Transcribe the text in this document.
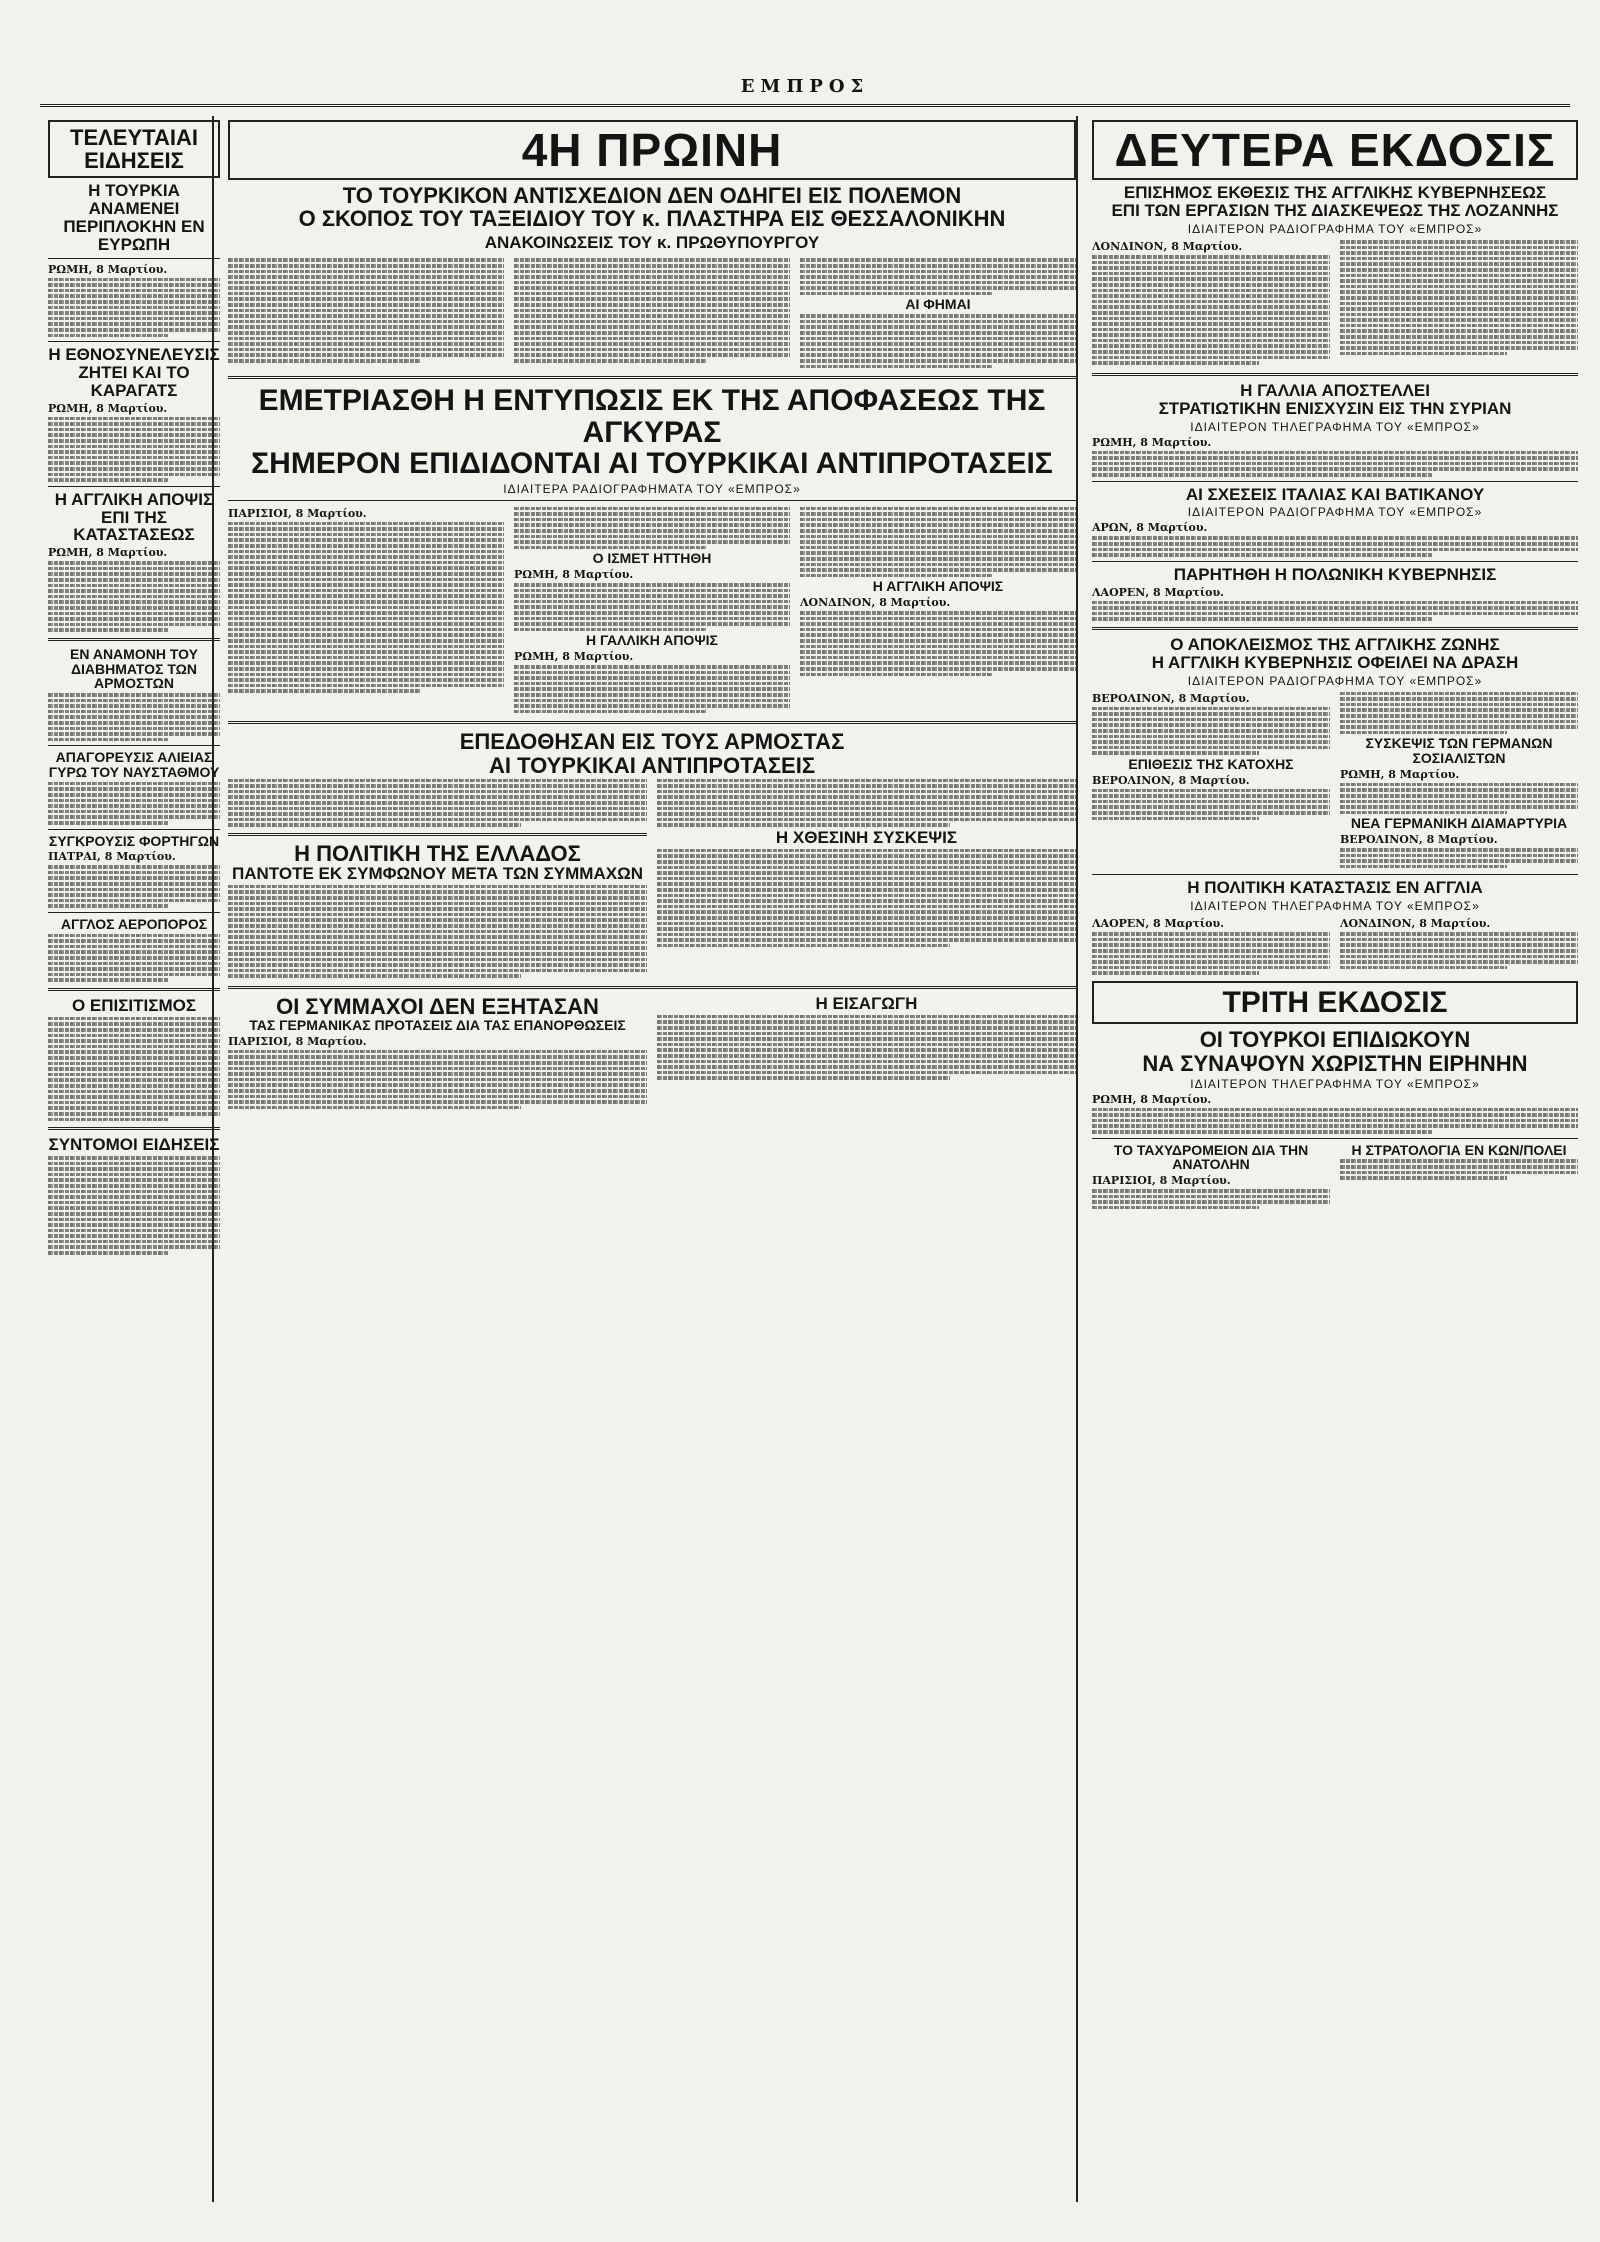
ΕΜΠΡΟΣ
ΤΕΛΕΥΤΑΙΑΙ ΕΙΔΗΣΕΙΣ
Η ΤΟΥΡΚΙΑ ΑΝΑΜΕΝΕΙ ΠΕΡΙΠΛΟΚΗΝ ΕΝ ΕΥΡΩΠΗ
ΡΩΜΗ, 8 Μαρτίου.
Η ΕΘΝΟΣΥΝΕΛΕΥΣΙΣ ΖΗΤΕΙ ΚΑΙ ΤΟ ΚΑΡΑΓΑΤΣ
ΡΩΜΗ, 8 Μαρτίου.
Η ΑΓΓΛΙΚΗ ΑΠΟΨΙΣ ΕΠΙ ΤΗΣ ΚΑΤΑΣΤΑΣΕΩΣ
ΡΩΜΗ, 8 Μαρτίου.
ΕΝ ΑΝΑΜΟΝΗ ΤΟΥ ΔΙΑΒΗΜΑΤΟΣ ΤΩΝ ΑΡΜΟΣΤΩΝ
ΑΠΑΓΟΡΕΥΣΙΣ ΑΛΙΕΙΑΣ ΓΥΡΩ ΤΟΥ ΝΑΥΣΤΑΘΜΟΥ
ΣΥΓΚΡΟΥΣΙΣ ΦΟΡΤΗΓΩΝ
ΠΑΤΡΑΙ, 8 Μαρτίου.
ΑΓΓΛΟΣ ΑΕΡΟΠΟΡΟΣ
Ο ΕΠΙΣΙΤΙΣΜΟΣ
ΣΥΝΤΟΜΟΙ ΕΙΔΗΣΕΙΣ
4Η ΠΡΩΙΝΗ
ΤΟ ΤΟΥΡΚΙΚΟΝ ΑΝΤΙΣΧΕΔΙΟΝ ΔΕΝ ΟΔΗΓΕΙ ΕΙΣ ΠΟΛΕΜΟΝ
Ο ΣΚΟΠΟΣ ΤΟΥ ΤΑΞΕΙΔΙΟΥ ΤΟΥ κ. ΠΛΑΣΤΗΡΑ ΕΙΣ ΘΕΣΣΑΛΟΝΙΚΗΝ
ΑΝΑΚΟΙΝΩΣΕΙΣ ΤΟΥ κ. ΠΡΩΘΥΠΟΥΡΓΟΥ
ΑΙ ΦΗΜΑΙ
ΕΜΕΤΡΙΑΣΘΗ Η ΕΝΤΥΠΩΣΙΣ ΕΚ ΤΗΣ ΑΠΟΦΑΣΕΩΣ ΤΗΣ ΑΓΚΥΡΑΣ
ΣΗΜΕΡΟΝ ΕΠΙΔΙΔΟΝΤΑΙ ΑΙ ΤΟΥΡΚΙΚΑΙ ΑΝΤΙΠΡΟΤΑΣΕΙΣ
ΙΔΙΑΙΤΕΡΑ ΡΑΔΙΟΓΡΑΦΗΜΑΤΑ ΤΟΥ «ΕΜΠΡΟΣ»
ΠΑΡΙΣΙΟΙ, 8 Μαρτίου.
Ο ΙΣΜΕΤ ΗΤΤΗΘΗ
ΡΩΜΗ, 8 Μαρτίου.
Η ΓΑΛΛΙΚΗ ΑΠΟΨΙΣ
ΡΩΜΗ, 8 Μαρτίου.
Η ΑΓΓΛΙΚΗ ΑΠΟΨΙΣ
ΛΟΝΔΙΝΟΝ, 8 Μαρτίου.
ΕΠΕΔΟΘΗΣΑΝ ΕΙΣ ΤΟΥΣ ΑΡΜΟΣΤΑΣ
ΑΙ ΤΟΥΡΚΙΚΑΙ ΑΝΤΙΠΡΟΤΑΣΕΙΣ
Η ΠΟΛΙΤΙΚΗ ΤΗΣ ΕΛΛΑΔΟΣ
ΠΑΝΤΟΤΕ ΕΚ ΣΥΜΦΩΝΟΥ ΜΕΤΑ ΤΩΝ ΣΥΜΜΑΧΩΝ
Η ΧΘΕΣΙΝΗ ΣΥΣΚΕΨΙΣ
ΟΙ ΣΥΜΜΑΧΟΙ ΔΕΝ ΕΞΗΤΑΣΑΝ
ΤΑΣ ΓΕΡΜΑΝΙΚΑΣ ΠΡΟΤΑΣΕΙΣ ΔΙΑ ΤΑΣ ΕΠΑΝΟΡΘΩΣΕΙΣ
ΠΑΡΙΣΙΟΙ, 8 Μαρτίου.
Η ΕΙΣΑΓΩΓΗ
ΔΕΥΤΕΡΑ ΕΚΔΟΣΙΣ
ΕΠΙΣΗΜΟΣ ΕΚΘΕΣΙΣ ΤΗΣ ΑΓΓΛΙΚΗΣ ΚΥΒΕΡΝΗΣΕΩΣ
ΕΠΙ ΤΩΝ ΕΡΓΑΣΙΩΝ ΤΗΣ ΔΙΑΣΚΕΨΕΩΣ ΤΗΣ ΛΟΖΑΝΝΗΣ
ΙΔΙΑΙΤΕΡΟΝ ΡΑΔΙΟΓΡΑΦΗΜΑ ΤΟΥ «ΕΜΠΡΟΣ»
ΛΟΝΔΙΝΟΝ, 8 Μαρτίου.
Η ΓΑΛΛΙΑ ΑΠΟΣΤΕΛΛΕΙ
ΣΤΡΑΤΙΩΤΙΚΗΝ ΕΝΙΣΧΥΣΙΝ ΕΙΣ ΤΗΝ ΣΥΡΙΑΝ
ΙΔΙΑΙΤΕΡΟΝ ΤΗΛΕΓΡΑΦΗΜΑ ΤΟΥ «ΕΜΠΡΟΣ»
ΡΩΜΗ, 8 Μαρτίου.
ΑΙ ΣΧΕΣΕΙΣ ΙΤΑΛΙΑΣ ΚΑΙ ΒΑΤΙΚΑΝΟΥ
ΙΔΙΑΙΤΕΡΟΝ ΡΑΔΙΟΓΡΑΦΗΜΑ ΤΟΥ «ΕΜΠΡΟΣ»
ΑΡΩΝ, 8 Μαρτίου.
ΠΑΡΗΤΗΘΗ Η ΠΟΛΩΝΙΚΗ ΚΥΒΕΡΝΗΣΙΣ
ΛΑΟΡΕΝ, 8 Μαρτίου.
Ο ΑΠΟΚΛΕΙΣΜΟΣ ΤΗΣ ΑΓΓΛΙΚΗΣ ΖΩΝΗΣ
Η ΑΓΓΛΙΚΗ ΚΥΒΕΡΝΗΣΙΣ ΟΦΕΙΛΕΙ ΝΑ ΔΡΑΣΗ
ΙΔΙΑΙΤΕΡΟΝ ΡΑΔΙΟΓΡΑΦΗΜΑ ΤΟΥ «ΕΜΠΡΟΣ»
ΒΕΡΟΛΙΝΟΝ, 8 Μαρτίου.
ΕΠΙΘΕΣΙΣ ΤΗΣ ΚΑΤΟΧΗΣ
ΒΕΡΟΛΙΝΟΝ, 8 Μαρτίου.
ΣΥΣΚΕΨΙΣ ΤΩΝ ΓΕΡΜΑΝΩΝ ΣΟΣΙΑΛΙΣΤΩΝ
ΡΩΜΗ, 8 Μαρτίου.
ΝΕΑ ΓΕΡΜΑΝΙΚΗ ΔΙΑΜΑΡΤΥΡΙΑ
ΒΕΡΟΛΙΝΟΝ, 8 Μαρτίου.
Η ΠΟΛΙΤΙΚΗ ΚΑΤΑΣΤΑΣΙΣ ΕΝ ΑΓΓΛΙΑ
ΙΔΙΑΙΤΕΡΟΝ ΤΗΛΕΓΡΑΦΗΜΑ ΤΟΥ «ΕΜΠΡΟΣ»
ΛΑΟΡΕΝ, 8 Μαρτίου.	ΛΟΝΔΙΝΟΝ, 8 Μαρτίου.
ΤΡΙΤΗ ΕΚΔΟΣΙΣ
ΟΙ ΤΟΥΡΚΟΙ ΕΠΙΔΙΩΚΟΥΝ
ΝΑ ΣΥΝΑΨΟΥΝ ΧΩΡΙΣΤΗΝ ΕΙΡΗΝΗΝ
ΙΔΙΑΙΤΕΡΟΝ ΤΗΛΕΓΡΑΦΗΜΑ ΤΟΥ «ΕΜΠΡΟΣ»
ΡΩΜΗ, 8 Μαρτίου.
ΤΟ ΤΑΧΥΔΡΟΜΕΙΟΝ ΔΙΑ ΤΗΝ ΑΝΑΤΟΛΗΝ
ΠΑΡΙΣΙΟΙ, 8 Μαρτίου.
Η ΣΤΡΑΤΟΛΟΓΙΑ ΕΝ ΚΩΝ/ΠΟΛΕΙ
